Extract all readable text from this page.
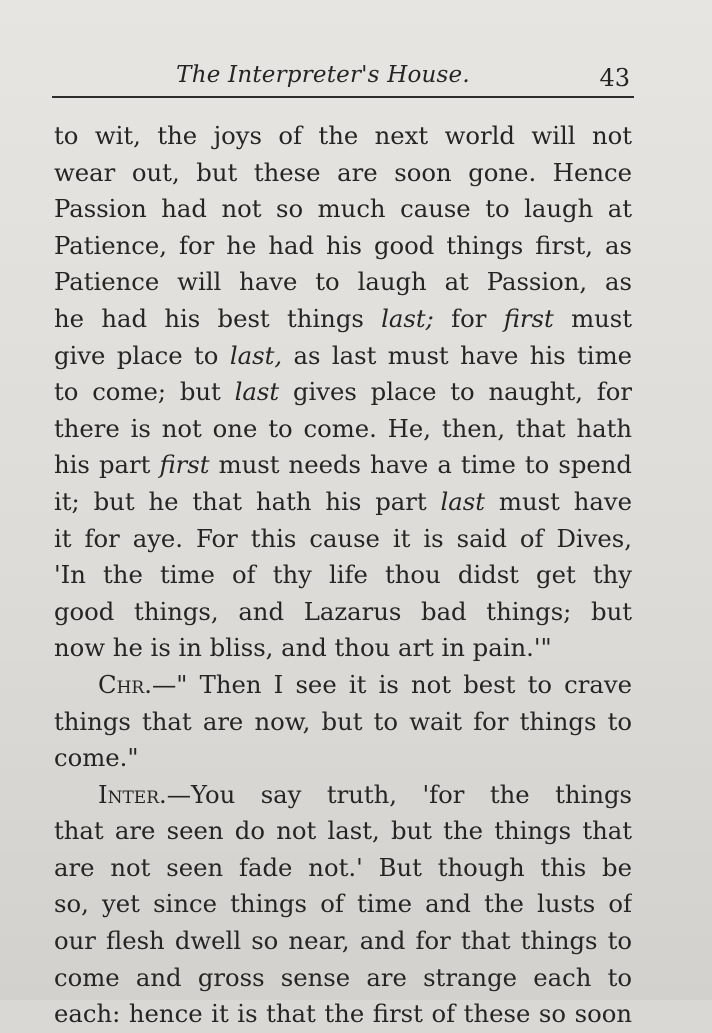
The Interpreter's House.	43
to wit, the joys of the next world will not
wear out, but these are soon gone. Hence
Passion had not so much cause to laugh at
Patience, for he had his good things first, as
Patience will have to laugh at Passion, as
he had his best things last; for first must
give place to last, as last must have his time
to come; but last gives place to naught, for
there is not one to come. He, then, that hath
his part first must needs have a time to spend
it; but he that hath his part last must have
it for aye. For this cause it is said of Dives,
'In the time of thy life thou didst get thy
good things, and Lazarus bad things; but
now he is in bliss, and thou art in pain.'"
Chr.—" Then I see it is not best to crave
things that are now, but to wait for things to
come."
Inter.—You say truth, 'for the things
that are seen do not last, but the things that
are not seen fade not.' But though this be
so, yet since things of time and the lusts of
our flesh dwell so near, and for that things to
come and gross sense are strange each to
each: hence it is that the first of these so soon
